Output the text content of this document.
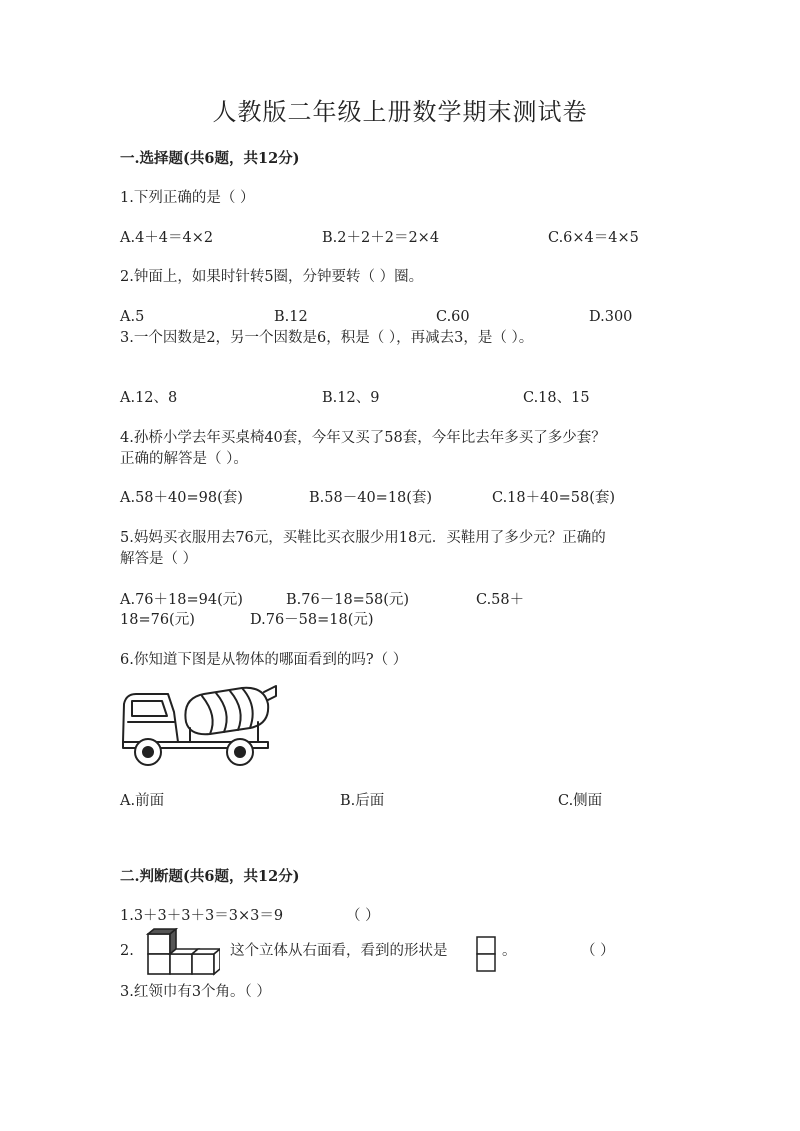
人教版二年级上册数学期末测试卷
一.选择题(共6题，共12分)
1.下列正确的是（ ）
A.4＋4＝4×2	B.2＋2＋2＝2×4	C.6×4＝4×5
2.钟面上，如果时针转5圈，分钟要转（ ）圈。
A.5	B.12	C.60	D.300
3.一个因数是2，另一个因数是6，积是（ ），再减去3，是（ ）。
A.12、8	B.12、9	C.18、15
4.孙桥小学去年买桌椅40套，今年又买了58套，今年比去年多买了多少套？
正确的解答是（ ）。
A.58＋40=98(套)	B.58－40=18(套)	C.18＋40=58(套)
5.妈妈买衣服用去76元，买鞋比买衣服少用18元．买鞋用了多少元？正确的
解答是（ ）
A.76＋18=94(元)	B.76－18=58(元)	C.58＋
18=76(元)	D.76－58=18(元)
6.你知道下图是从物体的哪面看到的吗?（ ）
A.前面	B.后面	C.侧面
二.判断题(共6题，共12分)
1.3＋3＋3＋3＝3×3＝9	（ ）
2.	这个立体从右面看，看到的形状是	。	（ ）
3.红领巾有3个角。（ ）
